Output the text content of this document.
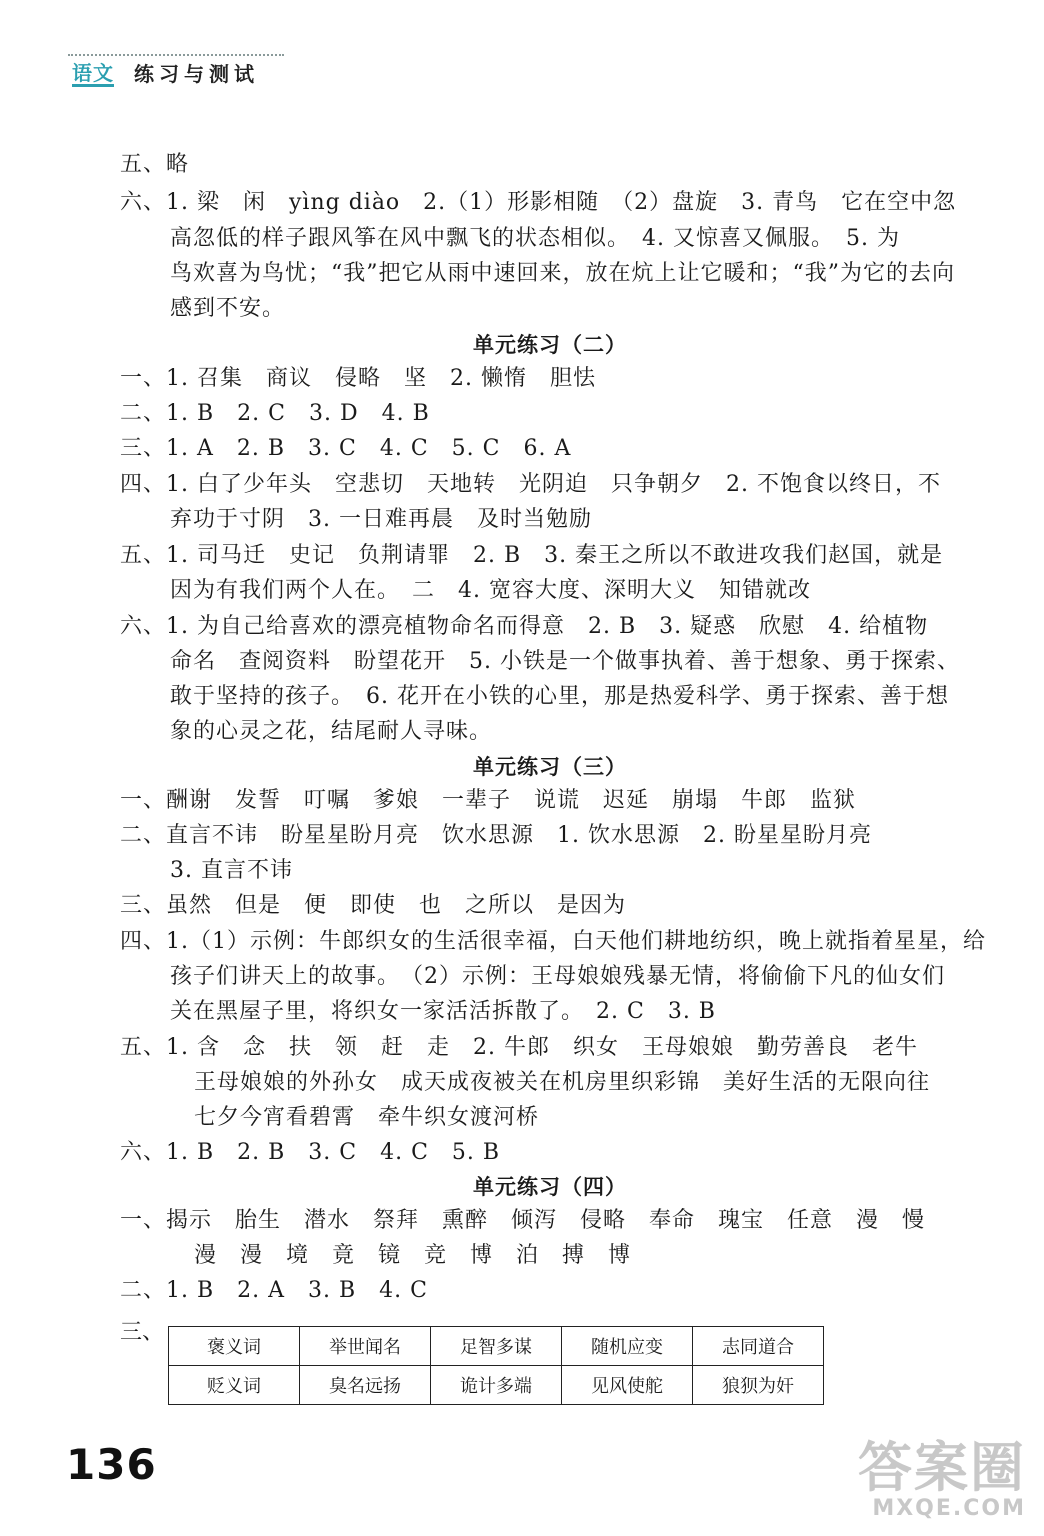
语文 练习与测试
五、略
六、1. 梁　闲　yìng diào　2.（1）形影相随　（2）盘旋　3. 青鸟　它在空中忽
高忽低的样子跟风筝在风中飘飞的状态相似。　4. 又惊喜又佩服。　5. 为
鸟欢喜为鸟忧；“我”把它从雨中速回来，放在炕上让它暖和；“我”为它的去向
感到不安。
单元练习（二）
一、1. 召集　商议　侵略　坚　2. 懒惰　胆怯
二、1. B　2. C　3. D　4. B
三、1. A　2. B　3. C　4. C　5. C　6. A
四、1. 白了少年头　空悲切　天地转　光阴迫　只争朝夕　2. 不饱食以终日，不
弃功于寸阴　3. 一日难再晨　及时当勉励
五、1. 司马迁　史记　负荆请罪　2. B　3. 秦王之所以不敢进攻我们赵国，就是
因为有我们两个人在。　二　4. 宽容大度、深明大义　知错就改
六、1. 为自己给喜欢的漂亮植物命名而得意　2. B　3. 疑惑　欣慰　4. 给植物
命名　查阅资料　盼望花开　5. 小铁是一个做事执着、善于想象、勇于探索、
敢于坚持的孩子。　6. 花开在小铁的心里，那是热爱科学、勇于探索、善于想
象的心灵之花，结尾耐人寻味。
单元练习（三）
一、酬谢　发誓　叮嘱　爹娘　一辈子　说谎　迟延　崩塌　牛郎　监狱
二、直言不讳　盼星星盼月亮　饮水思源　1. 饮水思源　2. 盼星星盼月亮
3. 直言不讳
三、虽然　但是　便　即使　也　之所以　是因为
四、1.（1）示例：牛郎织女的生活很幸福，白天他们耕地纺织，晚上就指着星星，给
孩子们讲天上的故事。　（2）示例：王母娘娘残暴无情，将偷偷下凡的仙女们
关在黑屋子里，将织女一家活活拆散了。　2. C　3. B
五、1. 含　念　扶　领　赶　走　2. 牛郎　织女　王母娘娘　勤劳善良　老牛
王母娘娘的外孙女　成天成夜被关在机房里织彩锦　美好生活的无限向往
七夕今宵看碧霄　牵牛织女渡河桥
六、1. B　2. B　3. C　4. C　5. B
单元练习（四）
一、揭示　胎生　潜水　祭拜　熏醉　倾泻　侵略　奉命　瑰宝　任意　漫　慢
漫　漫　境　竟　镜　竞　博　泊　搏　博
二、1. B　2. A　3. B　4. C
三、
褒义词	举世闻名	足智多谋	随机应变	志同道合
贬义词	臭名远扬	诡计多端	见风使舵	狼狈为奸
136	答案圈
MXQE.COM
